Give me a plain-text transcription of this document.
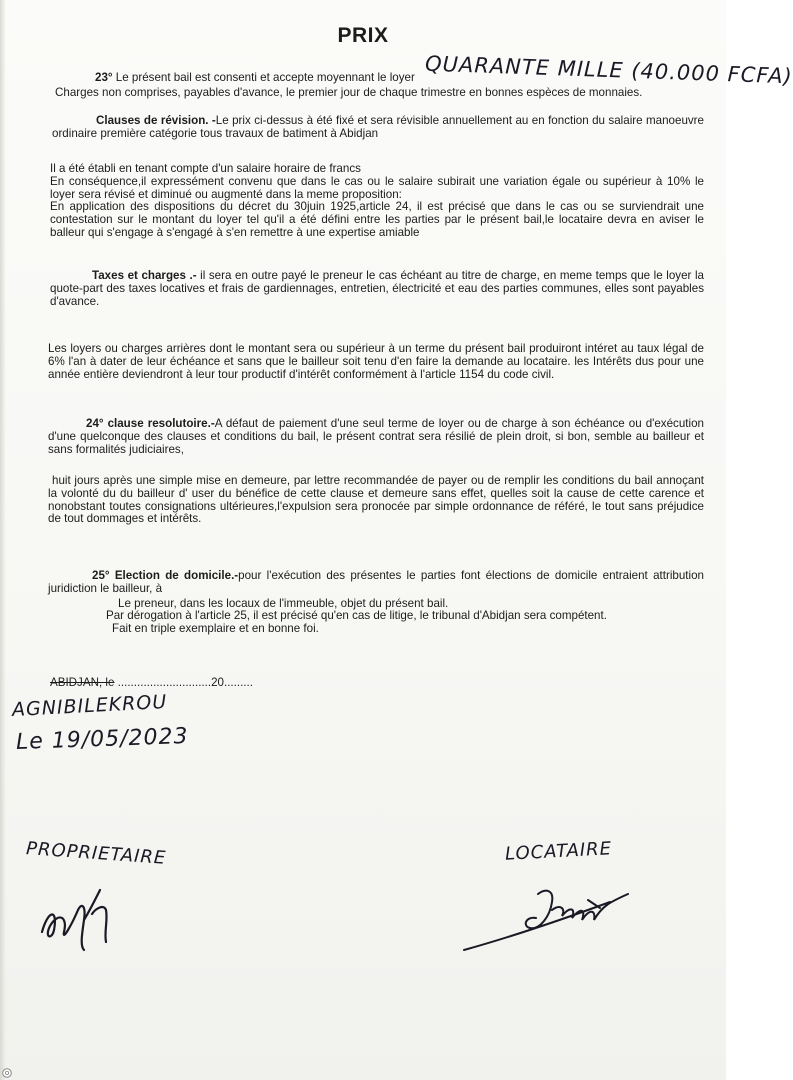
PRIX

23° Le présent bail est consenti et accepte moyennant le loyer

Charges non comprises, payables d'avance, le premier jour de chaque trimestre en bonnes espèces de monnaies.

QUARANTE MILLE (40.000 FCFA)

Clauses de révision. -Le prix ci-dessus à été fixé et sera révisible annuellement au en fonction du salaire manoeuvre ordinaire première catégorie tous travaux de batiment à Abidjan

Il a été établi en tenant compte d'un salaire horaire de francs

En conséquence,il expressément convenu que dans le cas ou le salaire subirait une variation égale ou supérieur à 10% le loyer sera révisé et diminué ou augmenté dans la meme proposition:

En application des dispositions du décret du 30juin 1925,article 24, il est précisé que dans le cas ou se surviendrait une contestation sur le montant du loyer tel qu'il a été défini entre les parties par le présent bail,le locataire devra en aviser le balleur qui s'engage à s'engagé à s'en remettre à une expertise amiable

Taxes et charges .- il sera en outre payé le preneur le cas échéant au titre de charge, en meme temps que le loyer la quote-part des taxes locatives et frais de gardiennages, entretien, électricité et eau des parties communes, elles sont payables d'avance.

Les loyers ou charges arrières dont le montant sera ou supérieur à un terme du présent bail produiront intéret au taux légal de 6% l'an à dater de leur échéance et sans que le bailleur soit tenu d'en faire la demande au locataire. les Intérêts dus pour une année entière deviendront à leur tour productif d'intérêt conformément à l'article 1154 du code civil.

24° clause resolutoire.-A défaut de paiement d'une seul terme de loyer ou de charge à son échéance ou d'exécution d'une quelconque des clauses et conditions du bail, le présent contrat sera résilié de plein droit, si bon, semble au bailleur et sans formalités judiciaires,

huit jours après une simple mise en demeure, par lettre recommandée de payer ou de remplir les conditions du bail annoçant la volonté du du bailleur d' user du bénéfice de cette clause et demeure sans effet, quelles soit la cause de cette carence et nonobstant toutes consignations ultérieures,l'expulsion sera pronocée par simple ordonnance de référé, le tout sans préjudice de tout dommages et intérêts.

25° Election de domicile.-pour l'exécution des présentes le parties font élections de domicile entraient attribution juridiction le bailleur, à

Le preneur, dans les locaux de l'immeuble, objet du présent bail.

Par dérogation à l'article 25, il est précisé qu'en cas de litige, le tribunal d'Abidjan sera compétent.

Fait en triple exemplaire et en bonne foi.

ABIDJAN, le .............................20.........
AGNIBILEKROU
Le 19/05/2023
PROPRIETAIRE	LOCATAIRE
